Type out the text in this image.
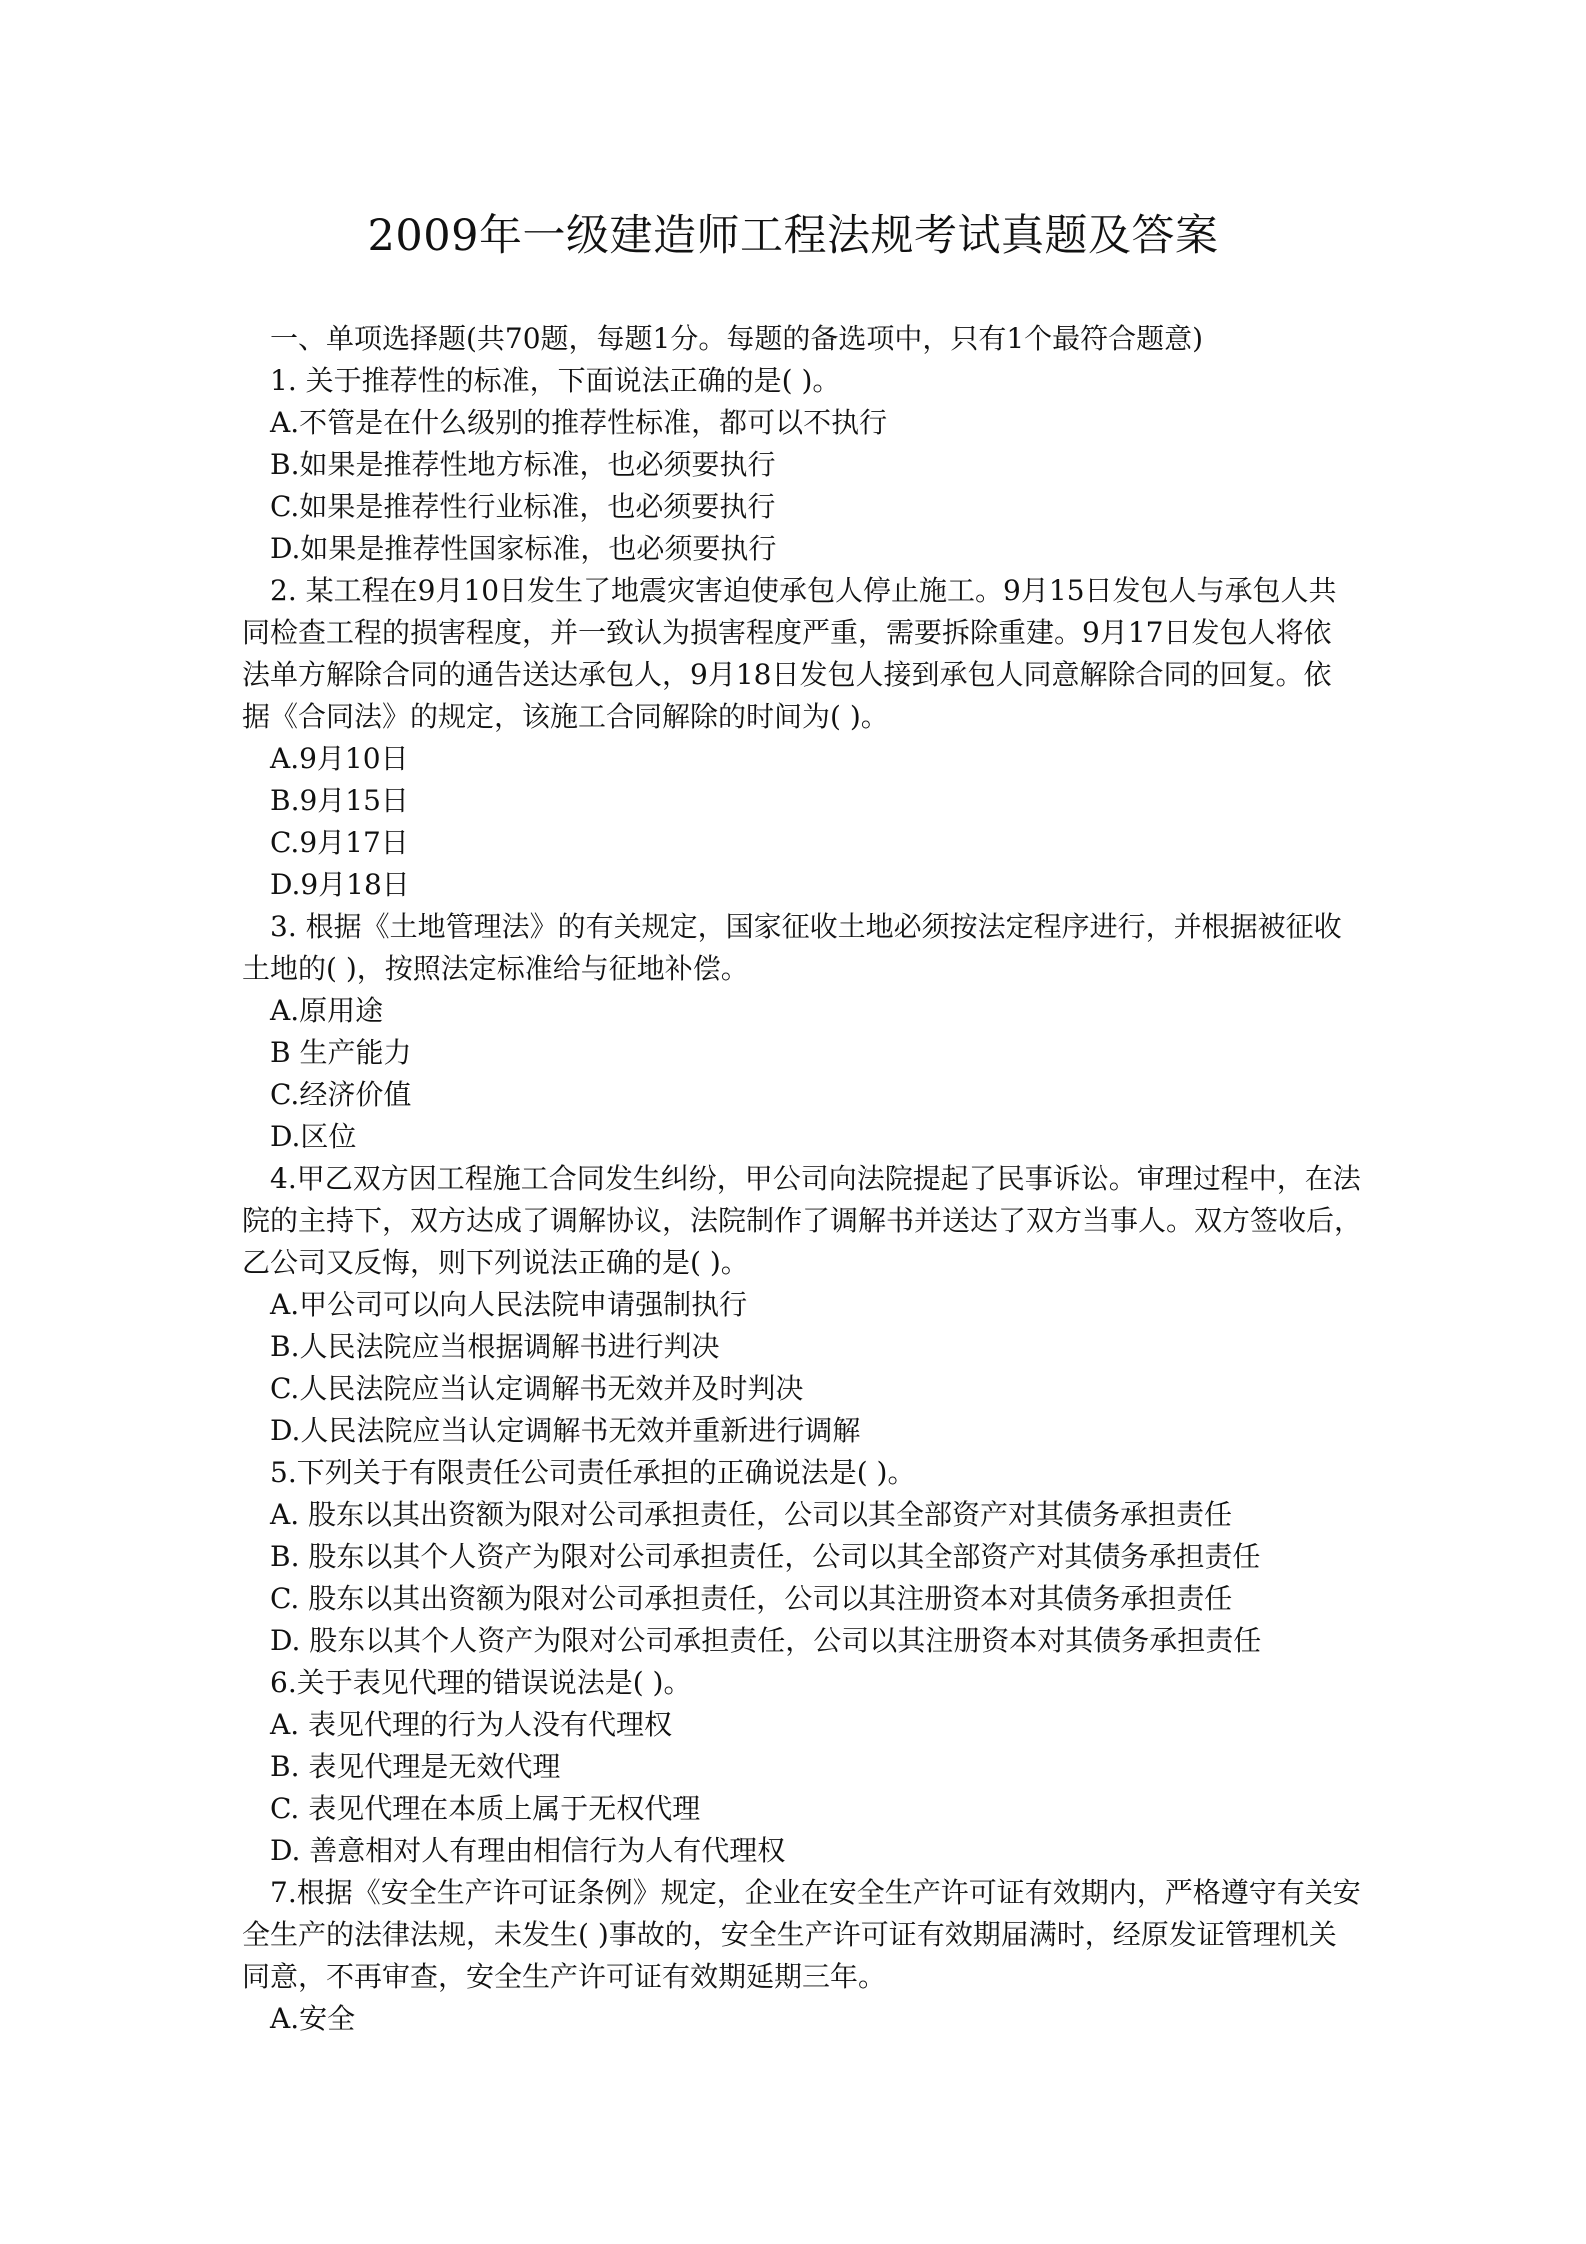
2009年一级建造师工程法规考试真题及答案
一、单项选择题(共70题，每题1分。每题的备选项中，只有1个最符合题意)
1. 关于推荐性的标准，下面说法正确的是( )。
A.不管是在什么级别的推荐性标准，都可以不执行
B.如果是推荐性地方标准，也必须要执行
C.如果是推荐性行业标准，也必须要执行
D.如果是推荐性国家标准，也必须要执行
2. 某工程在9月10日发生了地震灾害迫使承包人停止施工。9月15日发包人与承包人共
同检查工程的损害程度，并一致认为损害程度严重，需要拆除重建。9月17日发包人将依
法单方解除合同的通告送达承包人，9月18日发包人接到承包人同意解除合同的回复。依
据《合同法》的规定，该施工合同解除的时间为( )。
A.9月10日
B.9月15日
C.9月17日
D.9月18日
3. 根据《土地管理法》的有关规定，国家征收土地必须按法定程序进行，并根据被征收
土地的( )，按照法定标准给与征地补偿。
A.原用途
B 生产能力
C.经济价值
D.区位
4.甲乙双方因工程施工合同发生纠纷，甲公司向法院提起了民事诉讼。审理过程中，在法
院的主持下，双方达成了调解协议，法院制作了调解书并送达了双方当事人。双方签收后，
乙公司又反悔，则下列说法正确的是( )。
A.甲公司可以向人民法院申请强制执行
B.人民法院应当根据调解书进行判决
C.人民法院应当认定调解书无效并及时判决
D.人民法院应当认定调解书无效并重新进行调解
5.下列关于有限责任公司责任承担的正确说法是( )。
A. 股东以其出资额为限对公司承担责任，公司以其全部资产对其债务承担责任
B. 股东以其个人资产为限对公司承担责任，公司以其全部资产对其债务承担责任
C. 股东以其出资额为限对公司承担责任，公司以其注册资本对其债务承担责任
D. 股东以其个人资产为限对公司承担责任，公司以其注册资本对其债务承担责任
6.关于表见代理的错误说法是( )。
A. 表见代理的行为人没有代理权
B. 表见代理是无效代理
C. 表见代理在本质上属于无权代理
D. 善意相对人有理由相信行为人有代理权
7.根据《安全生产许可证条例》规定，企业在安全生产许可证有效期内，严格遵守有关安
全生产的法律法规，未发生( )事故的，安全生产许可证有效期届满时，经原发证管理机关
同意，不再审查，安全生产许可证有效期延期三年。
A.安全
